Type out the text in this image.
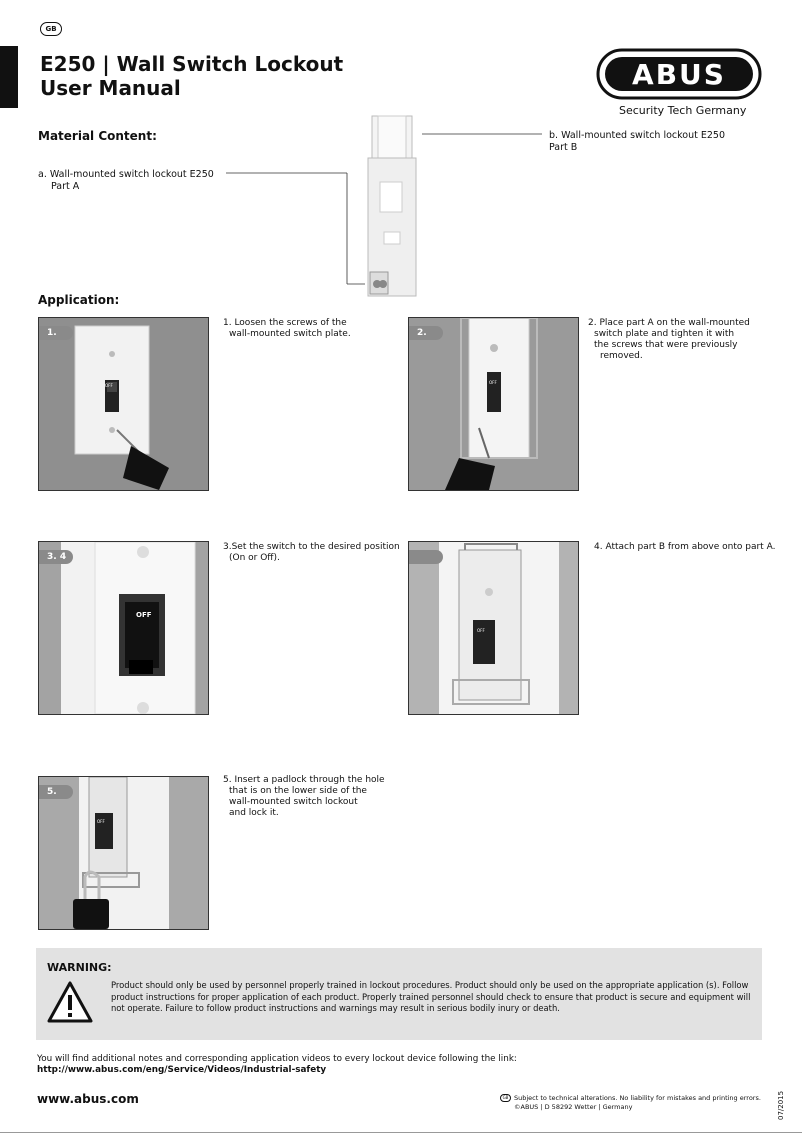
GB
E250 | Wall Switch Lockout
User Manual	ABUS
Security Tech Germany
Material Content:
a. Wall-mounted switch lockout E250
Part A
b. Wall-mounted switch lockout E250
Part B
Application:
1.
OFF
1. Loosen the screws of the
wall-mounted switch plate.	2.
OFF
2. Place part A on the wall-mounted
switch plate and tighten it with
the screws that were previously
removed.
3. 4
OFF
3.Set the switch to the desired position
(On or Off).
OFF
4. Attach part B from above onto part A.
5.
OFF
5. Insert a padlock through the hole
that is on the lower side of the
wall-mounted switch lockout
and lock it.
WARNING:
Product should only be used by personnel properly trained in lockout procedures. Product should only be used on the appropriate application (s). Follow product instructions for proper application of each product. Properly trained personnel should check to ensure that product is secure and equipment will not operate. Failure to follow product instructions and warnings may result in serious bodily inury or death.
You will find additional notes and corresponding application videos to every lockout device following the link:
http://www.abus.com/eng/Service/Videos/Industrial-safety
www.abus.com	GB Subject to technical alterations. No liability for mistakes and printing errors.
©ABUS | D 58292 Wetter | Germany	07/2015
